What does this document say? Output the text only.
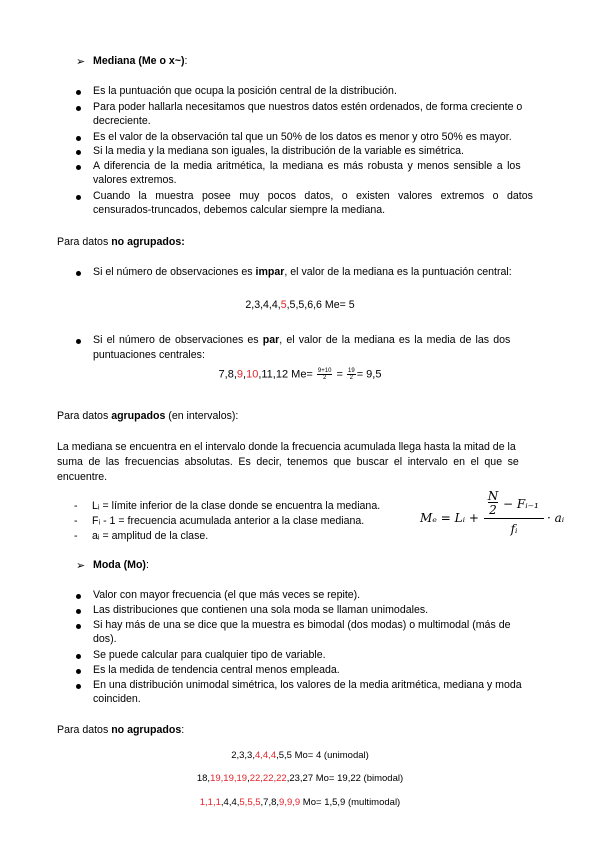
➢ Mediana (Me o x~):
Es la puntuación que ocupa la posición central de la distribución.
Para poder hallarla necesitamos que nuestros datos estén ordenados, de forma creciente o
decreciente.
Es el valor de la observación tal que un 50% de los datos es menor y otro 50% es mayor.
Si la media y la mediana son iguales, la distribución de la variable es simétrica.
A diferencia de la media aritmética, la mediana es más robusta y menos sensible a los
valores extremos.
Cuando la muestra posee muy pocos datos, o existen valores extremos o datos
censurados-truncados, debemos calcular siempre la mediana.
Para datos no agrupados:
Si el número de observaciones es impar, el valor de la mediana es la puntuación central:
2,3,4,4,5,5,5,6,6 Me= 5
Si el número de observaciones es par, el valor de la mediana es la media de las dos
puntuaciones centrales:
7,8,9,10,11,12 $Me= \frac{9+10}{2} = \frac{19}{2} = 9,5$
Para datos agrupados (en intervalos):
La mediana se encuentra en el intervalo donde la frecuencia acumulada llega hasta la mitad de la
suma de las frecuencias absolutas. Es decir, tenemos que buscar el intervalo en el que se
encuentre.
- Lᵢ = límite inferior de la clase donde se encuentra la mediana.
- Fᵢ - 1 = frecuencia acumulada anterior a la clase mediana.
- aᵢ = amplitud de la clase.
Mₑ = Lᵢ +
N
2 − Fᵢ₋₁
fᵢ
· aᵢ
➢ Moda (Mo):
Valor con mayor frecuencia (el que más veces se repite).
Las distribuciones que contienen una sola moda se llaman unimodales.
Si hay más de una se dice que la muestra es bimodal (dos modas) o multimodal (más de
dos).
Se puede calcular para cualquier tipo de variable.
Es la medida de tendencia central menos empleada.
En una distribución unimodal simétrica, los valores de la media aritmética, mediana y moda
coinciden.
Para datos no agrupados:
2,3,3,4,4,4,5,5 Mo= 4 (unimodal)
18,19,19,19,22,22,22,23,27 Mo= 19,22 (bimodal)
1,1,1,4,4,5,5,5,7,8,9,9,9 Mo= 1,5,9 (multimodal)
